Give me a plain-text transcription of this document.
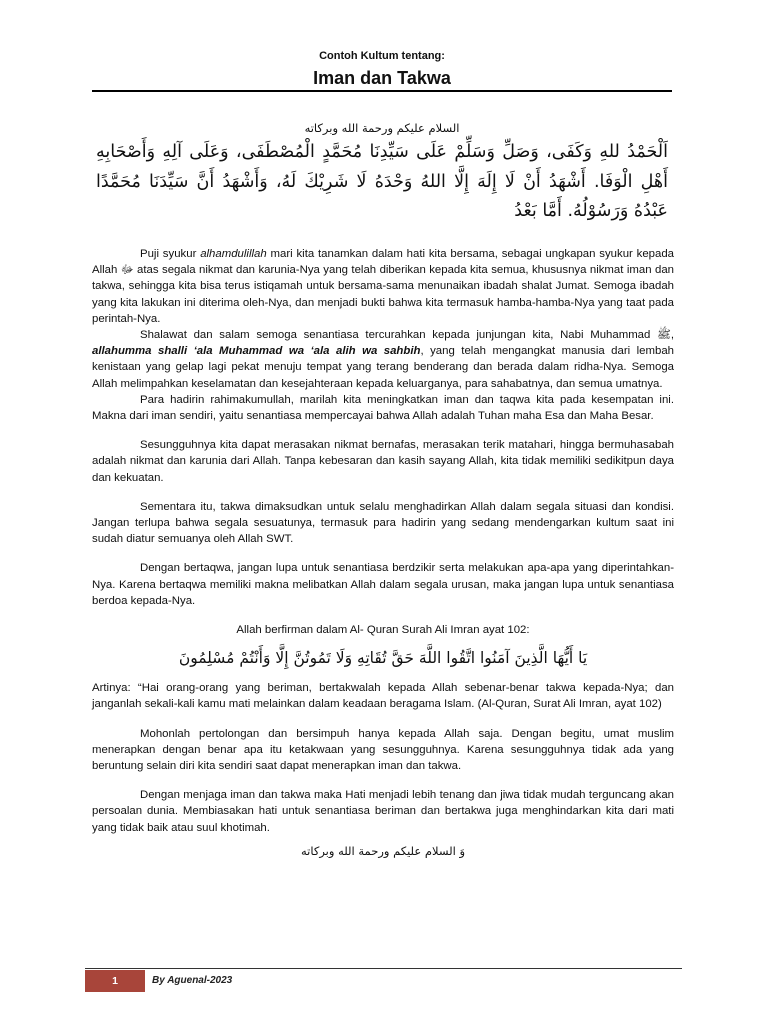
Contoh Kultum tentang:
Iman dan Takwa
السلام عليكم ورحمة الله وبركاته
اَلْحَمْدُ للهِ وَكَفَى، وَصَلِّ وَسَلِّمْ عَلَى سَيِّدِنَا مُحَمَّدٍ الْمُصْطَفَى، وَعَلَى آلِهِ وَأَصْحَابِهِ أَهْلِ الْوَفَا. أَشْهَدُ أَنْ لَا إِلَهَ إِلَّا اللهُ وَحْدَهُ لَا شَرِيْكَ لَهُ، وَأَشْهَدُ أَنَّ سَيِّدَنَا مُحَمَّدًا عَبْدُهُ وَرَسُوْلُهُ. أَمَّا بَعْدُ

Puji syukur alhamdulillah mari kita tanamkan dalam hati kita bersama, sebagai ungkapan syukur kepada Allah ﷻ atas segala nikmat dan karunia-Nya yang telah diberikan kepada kita semua, khususnya nikmat iman dan takwa, sehingga kita bisa terus istiqamah untuk bersama-sama menunaikan ibadah shalat Jumat. Semoga ibadah yang kita lakukan ini diterima oleh-Nya, dan menjadi bukti bahwa kita termasuk hamba-hamba-Nya yang taat pada perintah-Nya.

Shalawat dan salam semoga senantiasa tercurahkan kepada junjungan kita, Nabi Muhammad ﷺ, allahumma shalli ‘ala Muhammad wa ‘ala alih wa sahbih, yang telah mengangkat manusia dari lembah kenistaan yang gelap lagi pekat menuju tempat yang terang benderang dan berada dalam ridha-Nya. Semoga Allah melimpahkan keselamatan dan kesejahteraan kepada keluarganya, para sahabatnya, dan semua umatnya.

Para hadirin rahimakumullah, marilah kita meningkatkan iman dan taqwa kita pada kesempatan ini. Makna dari iman sendiri, yaitu senantiasa mempercayai bahwa Allah adalah Tuhan maha Esa dan Maha Besar.

Sesungguhnya kita dapat merasakan nikmat bernafas, merasakan terik matahari, hingga bermuhasabah adalah nikmat dan karunia dari Allah. Tanpa kebesaran dan kasih sayang Allah, kita tidak memiliki sedikitpun daya dan kekuatan.

Sementara itu, takwa dimaksudkan untuk selalu menghadirkan Allah dalam segala situasi dan kondisi. Jangan terlupa bahwa segala sesuatunya, termasuk para hadirin yang sedang mendengarkan kultum saat ini sudah diatur semuanya oleh Allah SWT.

Dengan bertaqwa, jangan lupa untuk senantiasa berdzikir serta melakukan apa-apa yang diperintahkan-Nya. Karena bertaqwa memiliki makna melibatkan Allah dalam segala urusan, maka jangan lupa untuk senantiasa berdoa kepada-Nya.

Allah berfirman dalam Al- Quran Surah Ali Imran ayat 102:

يَا أَيُّهَا الَّذِينَ آمَنُوا اتَّقُوا اللَّهَ حَقَّ تُقَاتِهِ وَلَا تَمُوتُنَّ إِلَّا وَأَنْتُمْ مُسْلِمُونَ

Artinya: “Hai orang-orang yang beriman, bertakwalah kepada Allah sebenar-benar takwa kepada-Nya; dan janganlah sekali-kali kamu mati melainkan dalam keadaan beragama Islam. (Al-Quran, Surat Ali Imran, ayat 102)

Mohonlah pertolongan dan bersimpuh hanya kepada Allah saja. Dengan begitu, umat muslim menerapkan dengan benar apa itu ketakwaan yang sesungguhnya. Karena sesungguhnya tidak ada yang beruntung selain diri kita sendiri saat dapat menerapkan iman dan takwa.

Dengan menjaga iman dan takwa maka Hati menjadi lebih tenang dan jiwa tidak mudah terguncang akan persoalan dunia. Membiasakan hati untuk senantiasa beriman dan bertakwa juga menghindarkan kita dari mati yang tidak baik atau suul khotimah.

وَ السلام عليكم ورحمة الله وبركاته
1	By Aguenal-2023
